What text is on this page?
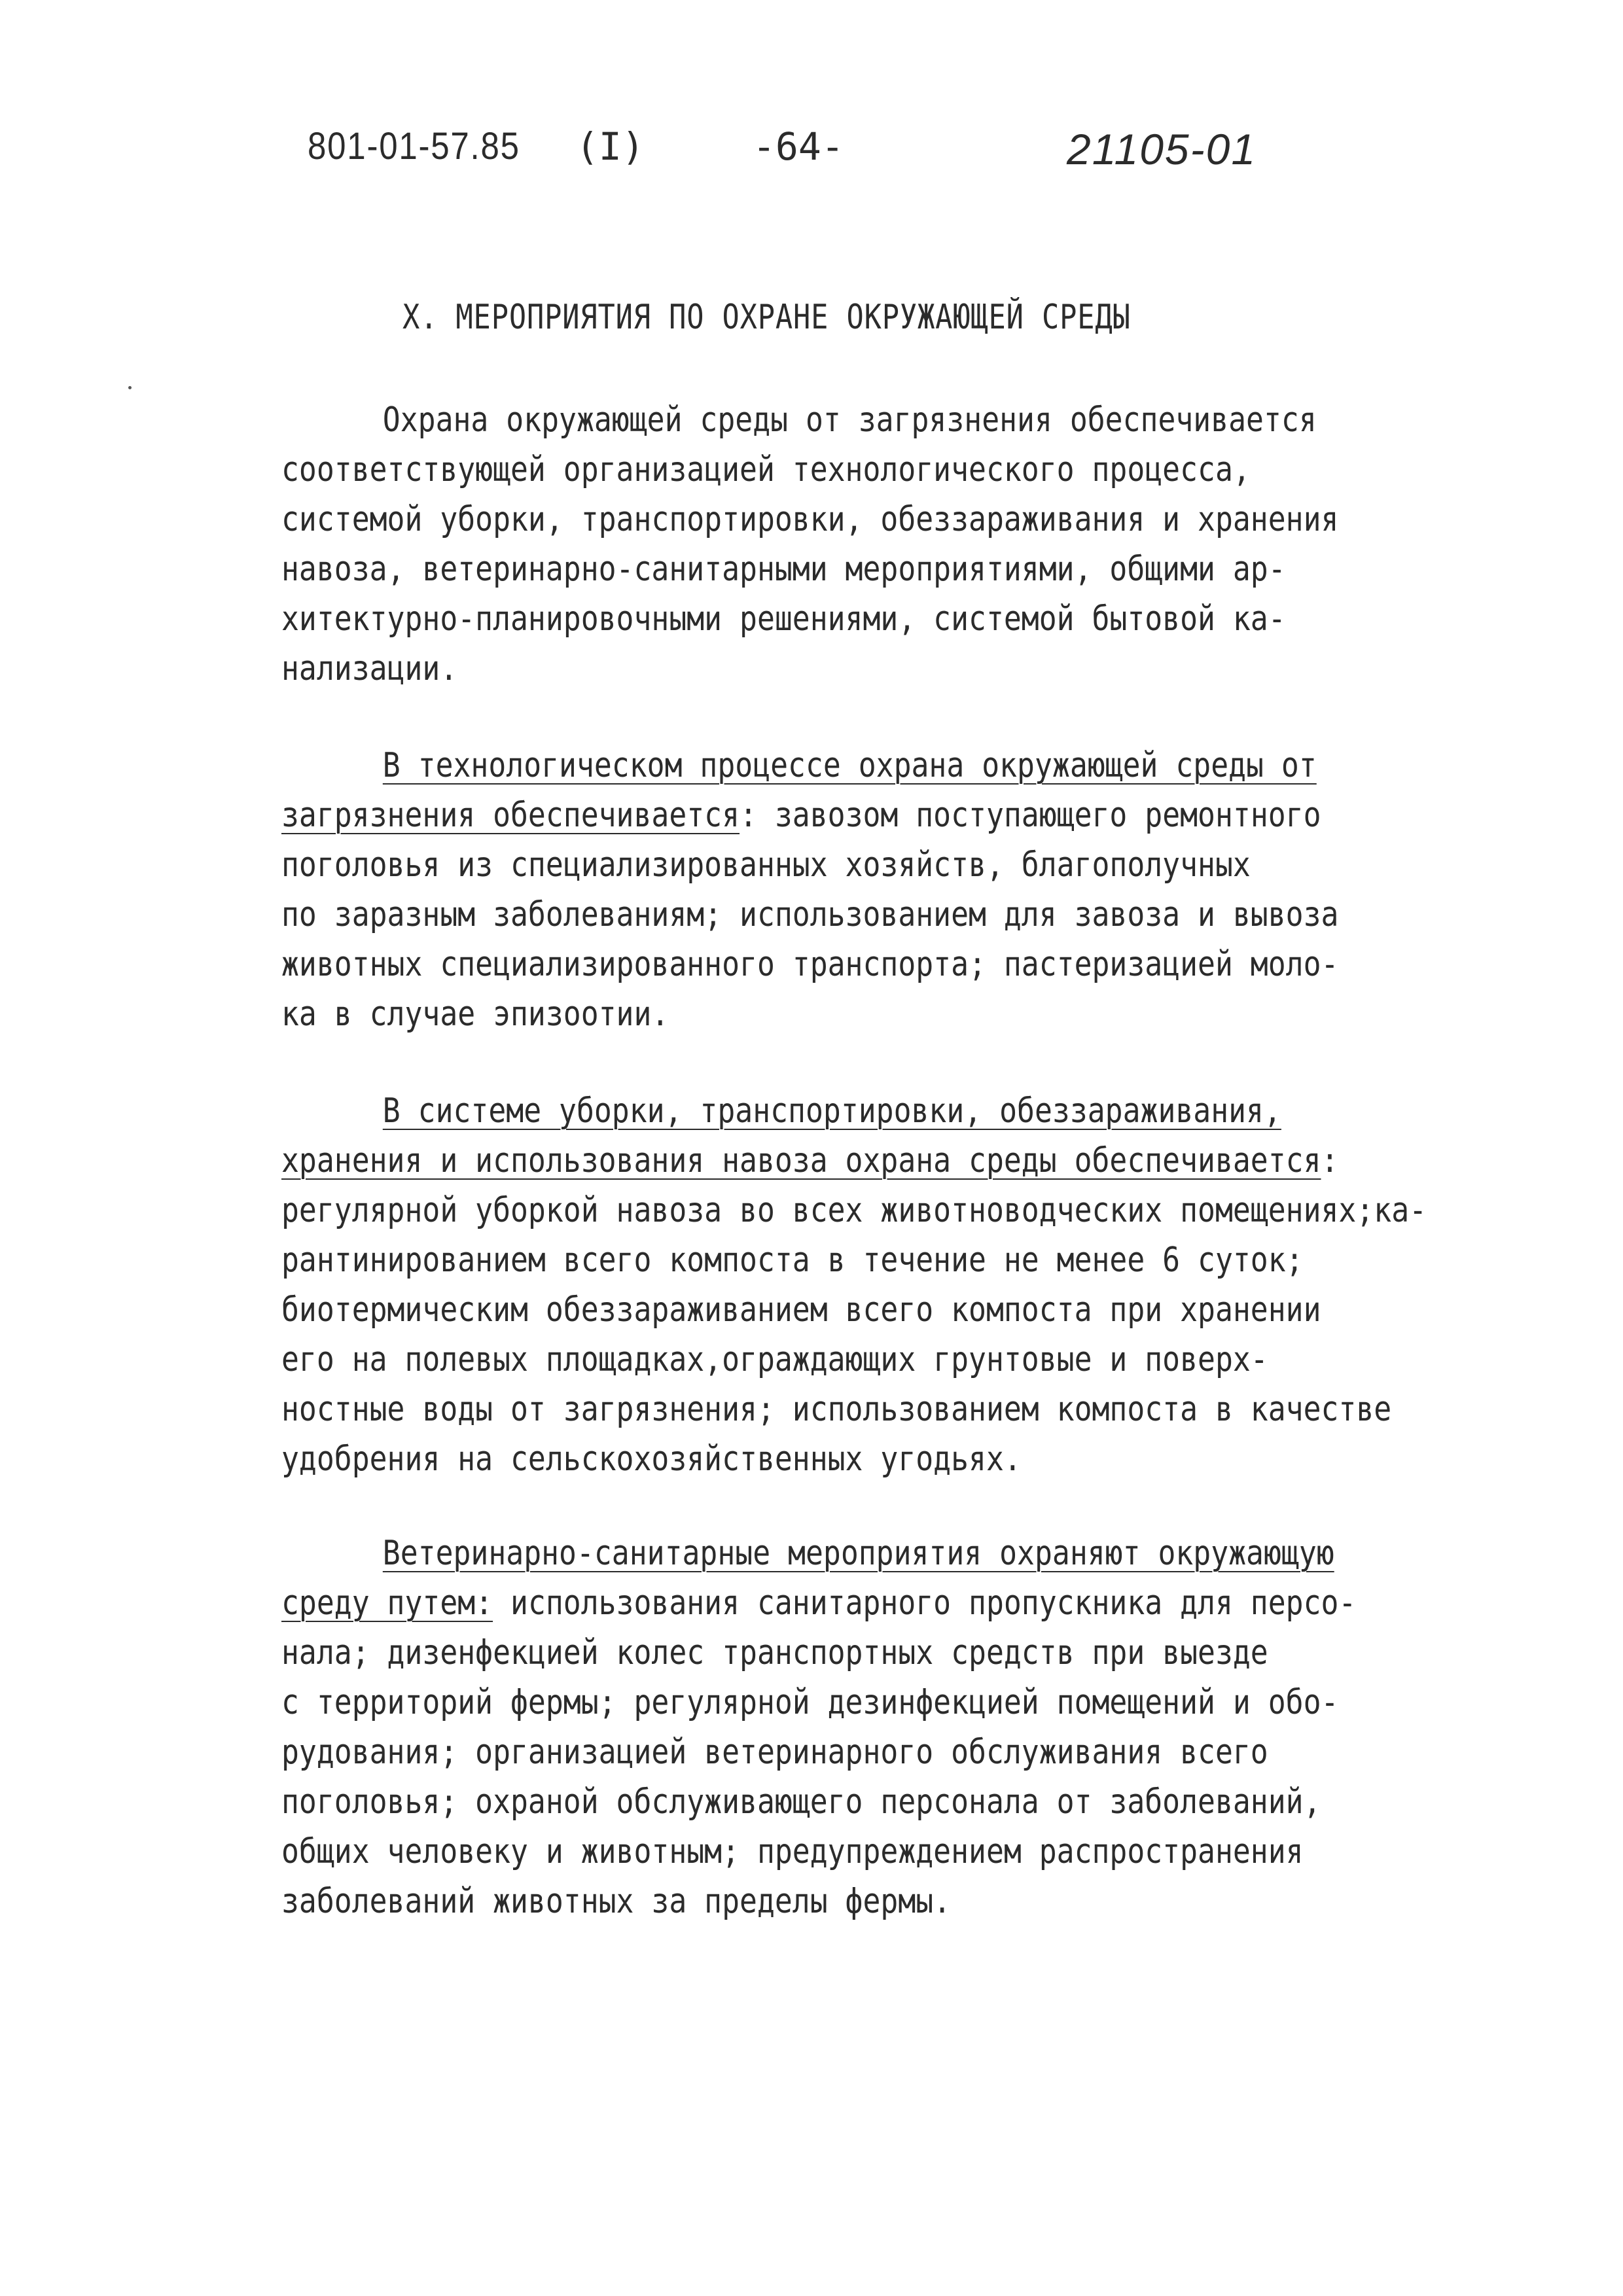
801-01-57.85 (I)	-64-	21105-01
X. МЕРОПРИЯТИЯ ПО ОХРАНЕ ОКРУЖАЮЩЕЙ СРЕДЫ
Охрана окружающей среды от загрязнения обеспечивается
соответствующей организацией технологического процесса,
системой уборки, транспортировки, обеззараживания и хранения
навоза, ветеринарно-санитарными мероприятиями, общими ар-
хитектурно-планировочными решениями, системой бытовой ка-
нализации.
В технологическом процессе охрана окружающей среды от
загрязнения обеспечивается: завозом поступающего ремонтного
поголовья из специализированных хозяйств, благополучных
по заразным заболеваниям; использованием для завоза и вывоза
животных специализированного транспорта; пастеризацией моло-
ка в случае эпизоотии.
В системе уборки, транспортировки, обеззараживания,
хранения и использования навоза охрана среды обеспечивается:
регулярной уборкой навоза во всех животноводческих помещениях;ка-
рантинированием всего компоста в течение не менее 6 суток;
биотермическим обеззараживанием всего компоста при хранении
его на полевых площадках,ограждающих грунтовые и поверх-
ностные воды от загрязнения; использованием компоста в качестве
удобрения на сельскохозяйственных угодьях.
Ветеринарно-санитарные мероприятия охраняют окружающую
среду путем: использования санитарного пропускника для персо-
нала; дизенфекцией колес транспортных средств при выезде
с территорий фермы; регулярной дезинфекцией помещений и обо-
рудования; организацией ветеринарного обслуживания всего
поголовья; охраной обслуживающего персонала от заболеваний,
общих человеку и животным; предупреждением распространения
заболеваний животных за пределы фермы.
